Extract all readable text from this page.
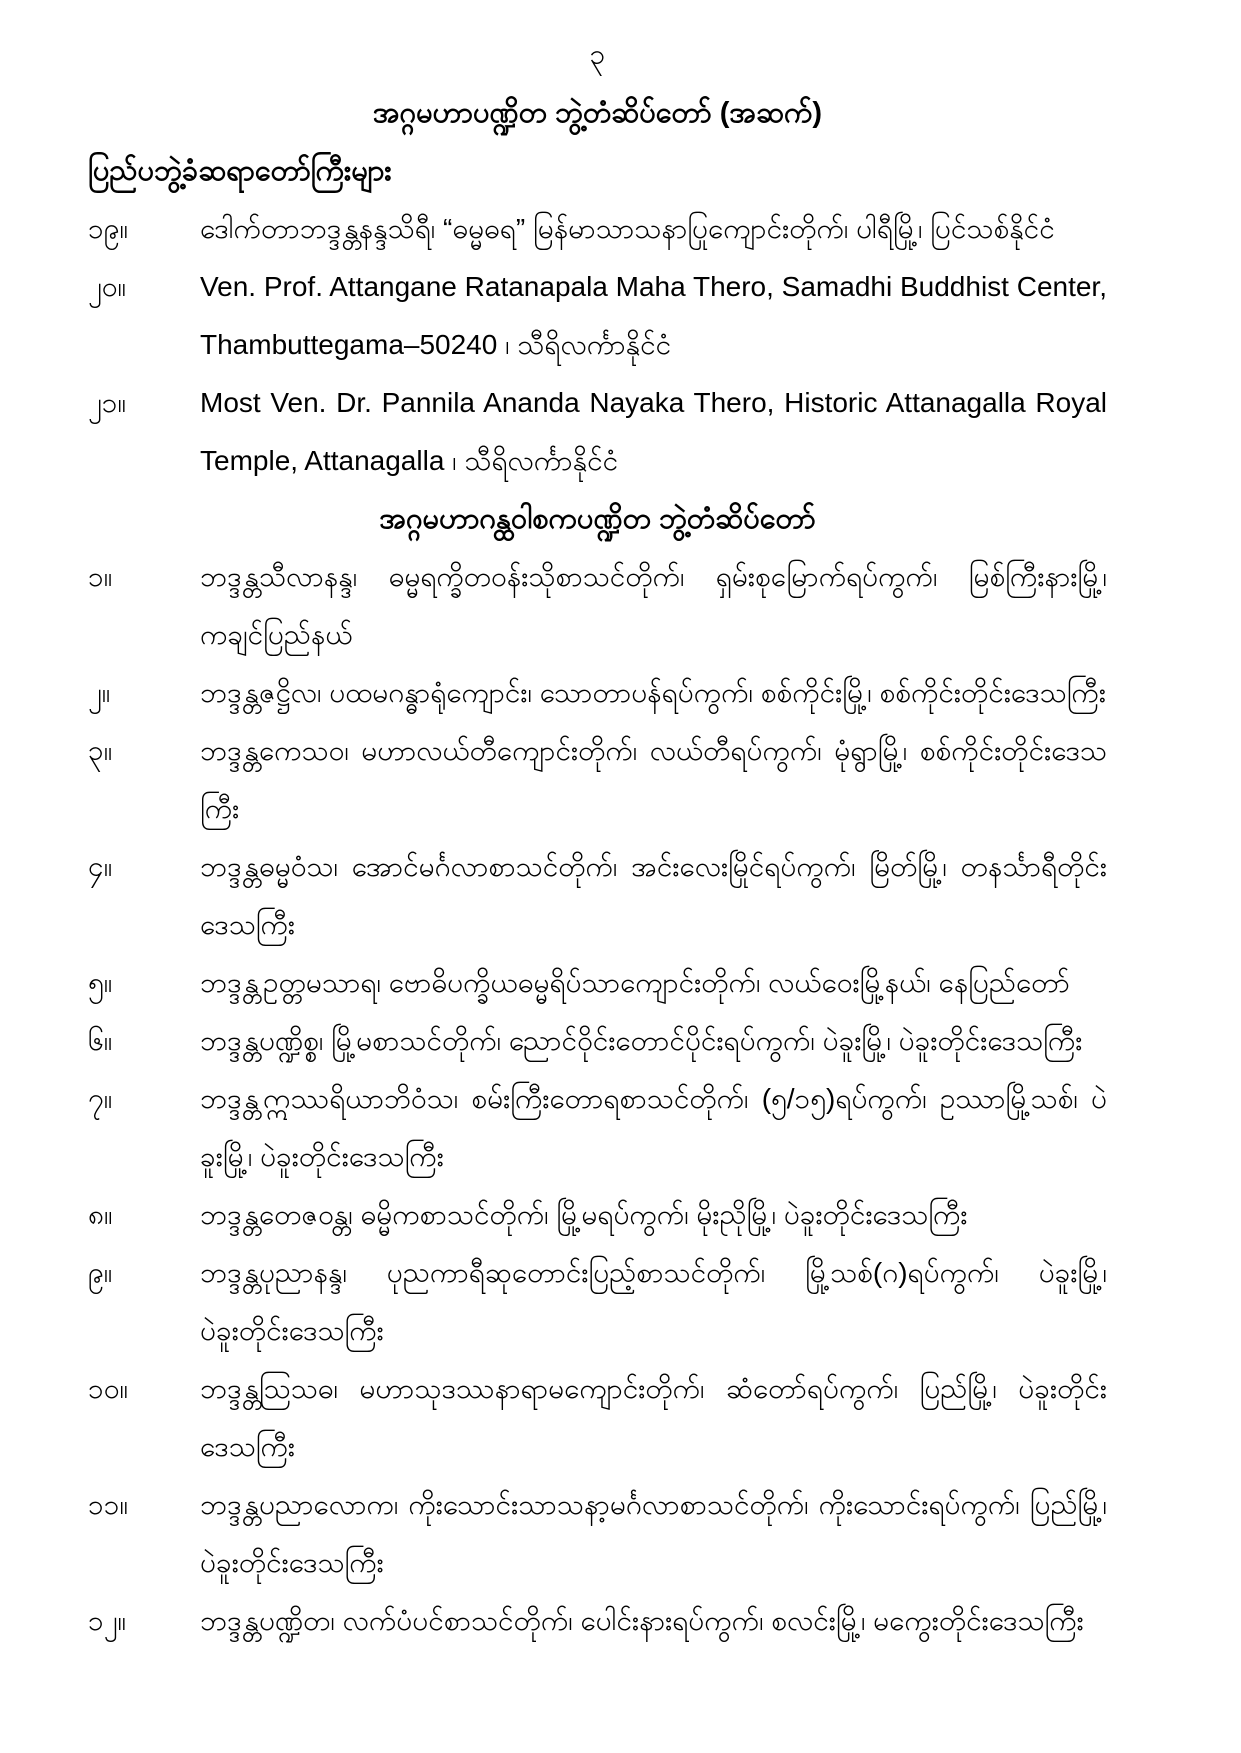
၃
အဂ္ဂမဟာပဏ္ဍိတ ဘွဲ့တံဆိပ်တော် (အဆက်)
ပြည်ပဘွဲ့ခံဆရာတော်ကြီးများ
၁၉။	ဒေါက်တာဘဒ္ဒန္တနန္ဒသိရီ၊ “ဓမ္မဓရ” မြန်မာသာသနာပြုကျောင်းတိုက်၊ ပါရီမြို့၊ ပြင်သစ်နိုင်ငံ
၂၀။	Ven. Prof. Attangane Ratanapala Maha Thero, Samadhi Buddhist Center, Thambuttegama–50240 ၊ သီရိလင်္ကာနိုင်ငံ
၂၁။	Most Ven. Dr. Pannila Ananda Nayaka Thero, Historic Attanagalla Royal Temple, Attanagalla ၊ သီရိလင်္ကာနိုင်ငံ
အဂ္ဂမဟာဂန္ထဝါစကပဏ္ဍိတ ဘွဲ့တံဆိပ်တော်
၁။	ဘဒ္ဒန္တသီလာနန္ဒ၊ ဓမ္မရက္ခိတဝန်းသိုစာသင်တိုက်၊ ရှမ်းစုမြောက်ရပ်ကွက်၊ မြစ်ကြီးနားမြို့၊ ကချင်ပြည်နယ်
၂။	ဘဒ္ဒန္တဇဋ္ဌိလ၊ ပထမဂန္ဓာရုံကျောင်း၊ သောတာပန်ရပ်ကွက်၊ စစ်ကိုင်းမြို့၊ စစ်ကိုင်းတိုင်းဒေသကြီး
၃။	ဘဒ္ဒန္တကေသဝ၊ မဟာလယ်တီကျောင်းတိုက်၊ လယ်တီရပ်ကွက်၊ မုံရွာမြို့၊ စစ်ကိုင်းတိုင်းဒေသကြီး
၄။	ဘဒ္ဒန္တဓမ္မဝံသ၊ အောင်မင်္ဂလာစာသင်တိုက်၊ အင်းလေးမြိုင်ရပ်ကွက်၊ မြိတ်မြို့၊ တနင်္သာရီတိုင်းဒေသကြီး
၅။	ဘဒ္ဒန္တဥတ္တမသာရ၊ ဗောဓိပက္ခိယဓမ္မရိပ်သာကျောင်းတိုက်၊ လယ်ဝေးမြို့နယ်၊ နေပြည်တော်
၆။	ဘဒ္ဒန္တပဏ္ဍိစ္စ၊ မြို့မစာသင်တိုက်၊ ညောင်ဝိုင်းတောင်ပိုင်းရပ်ကွက်၊ ပဲခူးမြို့၊ ပဲခူးတိုင်းဒေသကြီး
၇။	ဘဒ္ဒန္တဣဿရိယာဘိဝံသ၊ စမ်းကြီးတောရစာသင်တိုက်၊ (၅/၁၅)ရပ်ကွက်၊ ဥဿာမြို့သစ်၊ ပဲခူးမြို့၊ ပဲခူးတိုင်းဒေသကြီး
၈။	ဘဒ္ဒန္တတေဇဝန္တ၊ ဓမ္မိကစာသင်တိုက်၊ မြို့မရပ်ကွက်၊ မိုးညိုမြို့၊ ပဲခူးတိုင်းဒေသကြီး
၉။	ဘဒ္ဒန္တပုညာနန္ဒ၊ ပုညကာရီဆုတောင်းပြည့်စာသင်တိုက်၊ မြို့သစ်(ဂ)ရပ်ကွက်၊ ပဲခူးမြို့၊ ပဲခူးတိုင်းဒေသကြီး
၁၀။	ဘဒ္ဒန္တဩသဓ၊ မဟာသုဒဿနာရာမကျောင်းတိုက်၊ ဆံတော်ရပ်ကွက်၊ ပြည်မြို့၊ ပဲခူးတိုင်းဒေသကြီး
၁၁။	ဘဒ္ဒန္တပညာလောက၊ ကိုးသောင်းသာသနာ့မင်္ဂလာစာသင်တိုက်၊ ကိုးသောင်းရပ်ကွက်၊ ပြည်မြို့၊ ပဲခူးတိုင်းဒေသကြီး
၁၂။	ဘဒ္ဒန္တပဏ္ဍိတ၊ လက်ပံပင်စာသင်တိုက်၊ ပေါင်းနားရပ်ကွက်၊ စလင်းမြို့၊ မကွေးတိုင်းဒေသကြီး
